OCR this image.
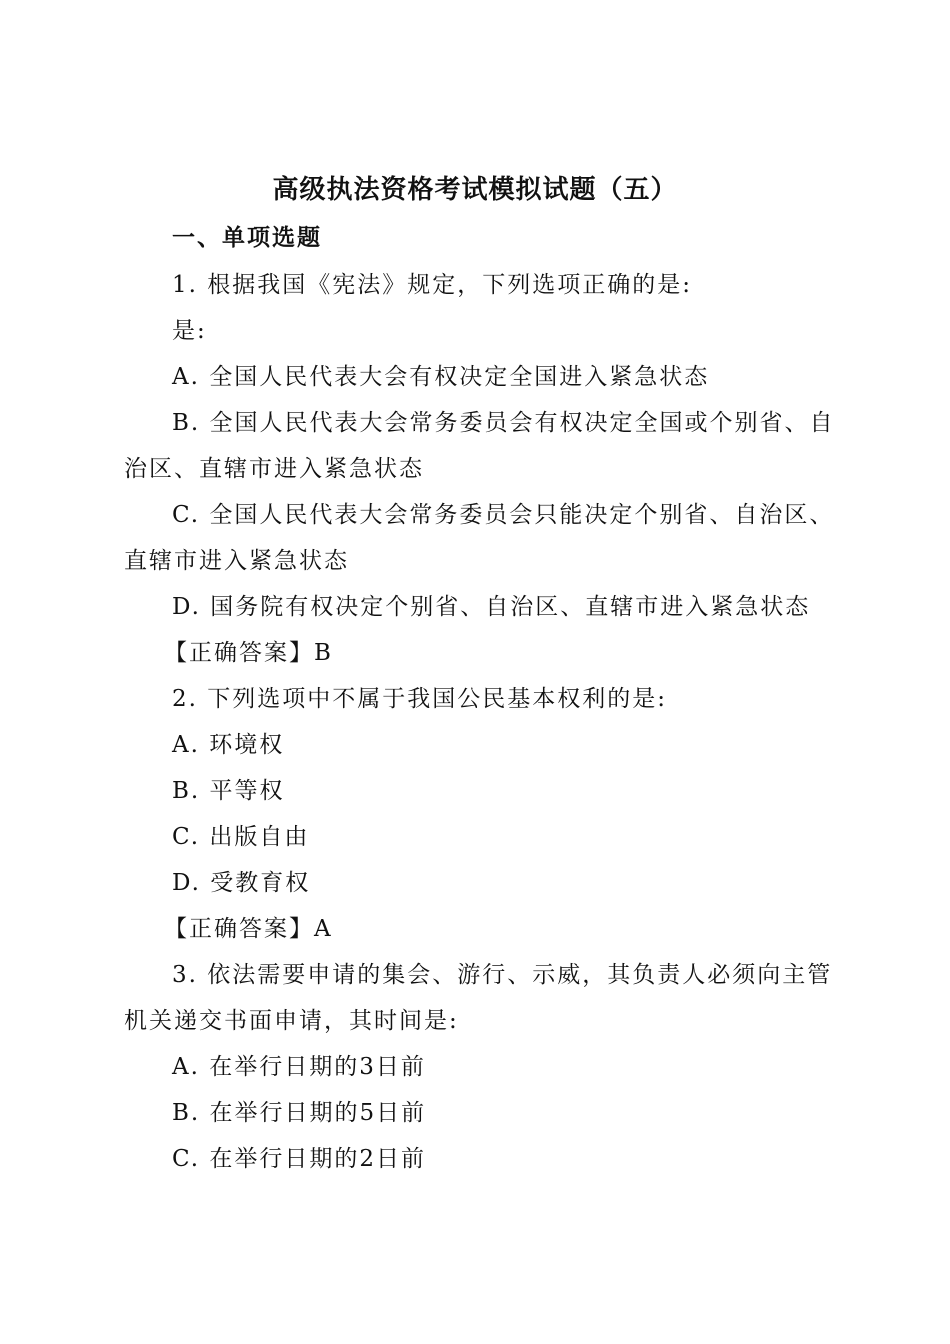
高级执法资格考试模拟试题（五）
一、单项选题
1. 根据我国《宪法》规定，下列选项正确的是:
是:
A. 全国人民代表大会有权决定全国进入紧急状态
B. 全国人民代表大会常务委员会有权决定全国或个别省、自治区、直辖市进入紧急状态
C. 全国人民代表大会常务委员会只能决定个别省、自治区、直辖市进入紧急状态
D. 国务院有权决定个别省、自治区、直辖市进入紧急状态
【正确答案】B
2. 下列选项中不属于我国公民基本权利的是:
A. 环境权
B. 平等权
C. 出版自由
D. 受教育权
【正确答案】A
3. 依法需要申请的集会、游行、示威，其负责人必须向主管机关递交书面申请，其时间是:
A. 在举行日期的3日前
B. 在举行日期的5日前
C. 在举行日期的2日前
